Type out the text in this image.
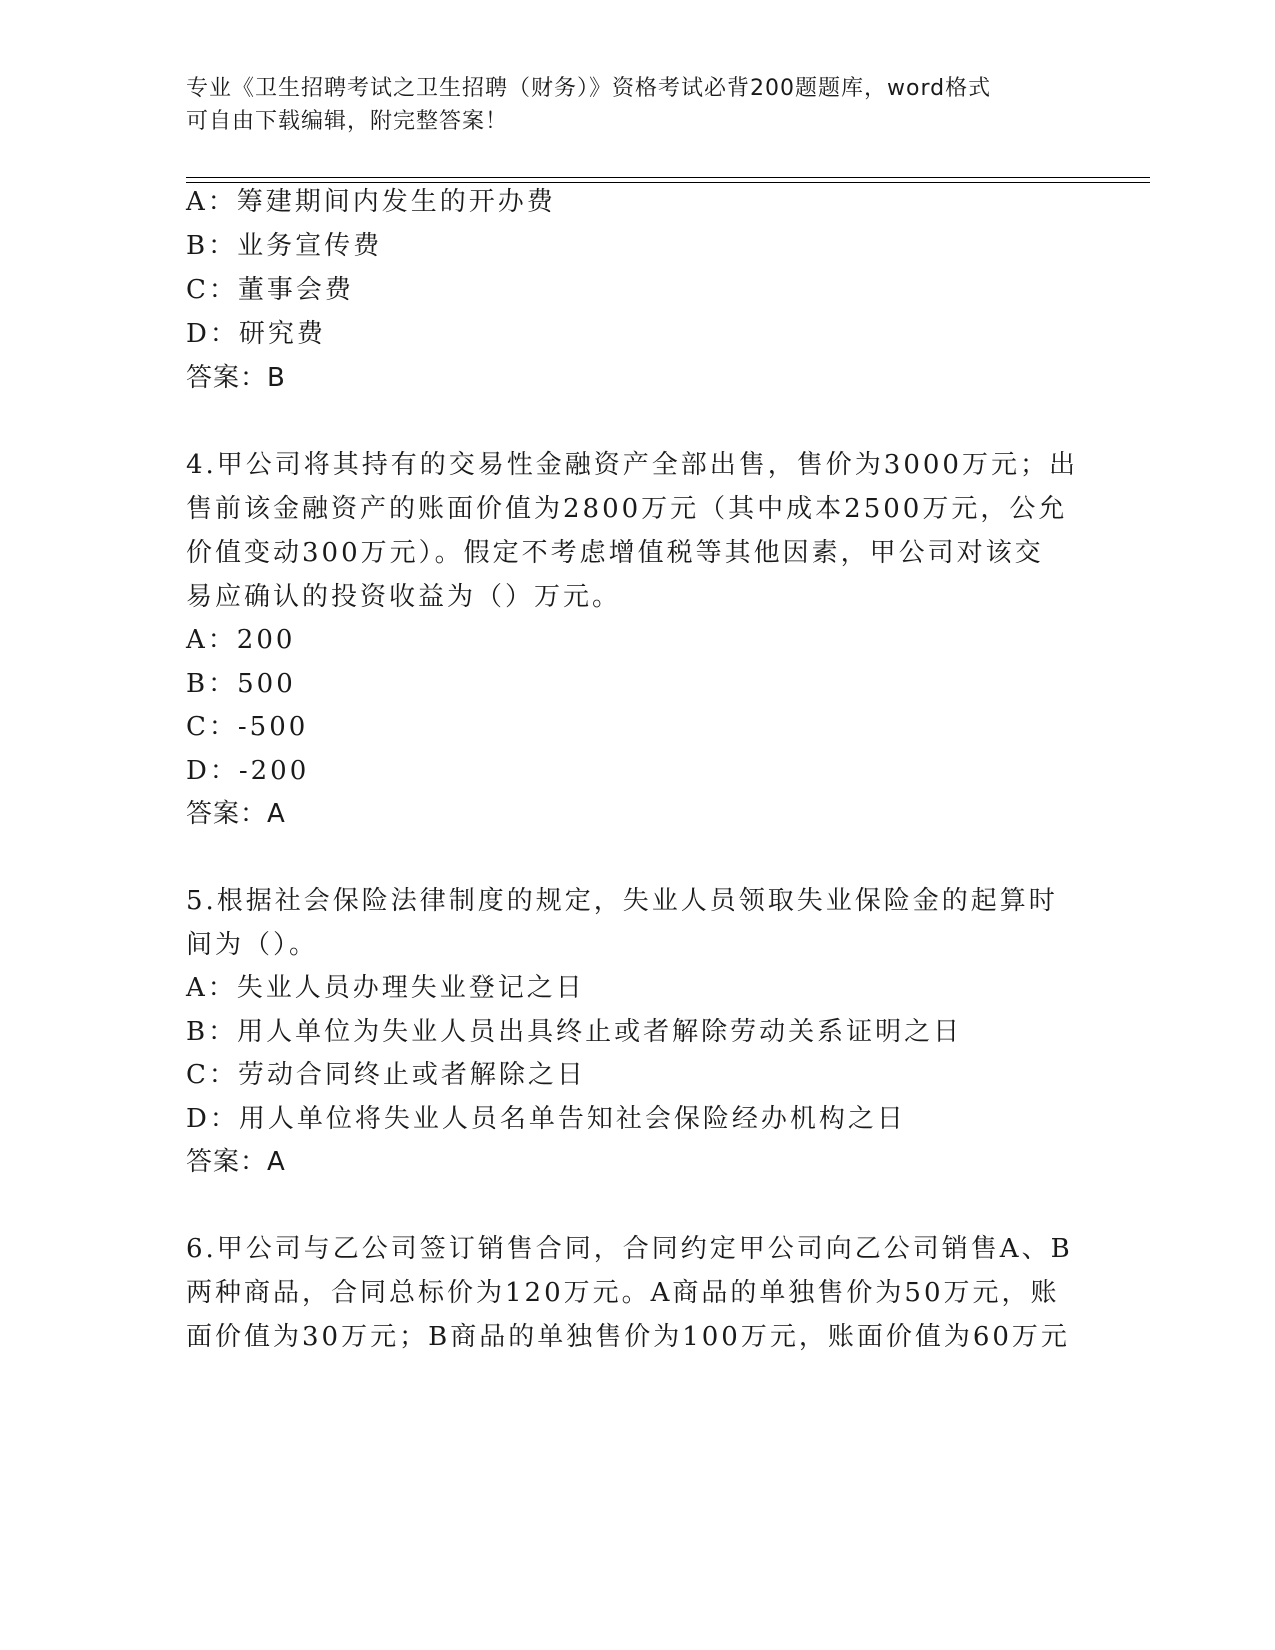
专业《卫生招聘考试之卫生招聘（财务）》资格考试必背200题题库，word格式
可自由下载编辑，附完整答案！
A：筹建期间内发生的开办费
B：业务宣传费
C：董事会费
D：研究费
答案：B
4.甲公司将其持有的交易性金融资产全部出售，售价为3000万元；出
售前该金融资产的账面价值为2800万元（其中成本2500万元，公允
价值变动300万元）。假定不考虑增值税等其他因素，甲公司对该交
易应确认的投资收益为（）万元。
A：200
B：500
C：-500
D：-200
答案：A
5.根据社会保险法律制度的规定，失业人员领取失业保险金的起算时
间为（）。
A：失业人员办理失业登记之日
B：用人单位为失业人员出具终止或者解除劳动关系证明之日
C：劳动合同终止或者解除之日
D：用人单位将失业人员名单告知社会保险经办机构之日
答案：A
6.甲公司与乙公司签订销售合同，合同约定甲公司向乙公司销售A、B
两种商品，合同总标价为120万元。A商品的单独售价为50万元，账
面价值为30万元；B商品的单独售价为100万元，账面价值为60万元
